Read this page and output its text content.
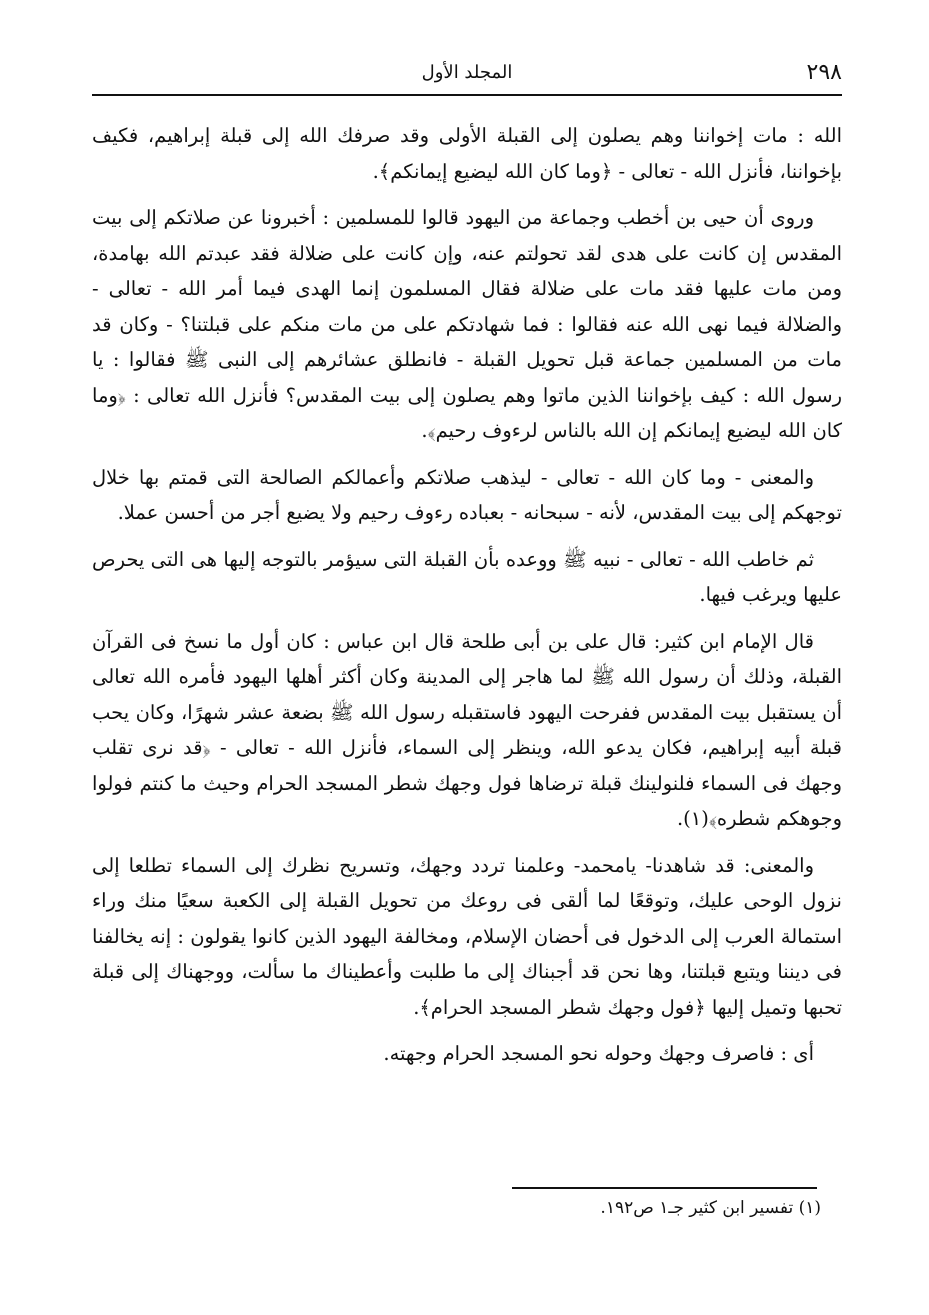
٢٩٨
المجلد الأول

الله : مات إخواننا وهم يصلون إلى القبلة الأولى وقد صرفك الله إلى قبلة إبراهيم، فكيف بإخواننا، فأنزل الله - تعالى - ﴿وما كان الله ليضيع إيمانكم﴾.

وروى أن حيى بن أخطب وجماعة من اليهود قالوا للمسلمين : أخبرونا عن صلاتكم إلى بيت المقدس إن كانت على هدى لقد تحولتم عنه، وإن كانت على ضلالة فقد عبدتم الله بهامدة، ومن مات عليها فقد مات على ضلالة فقال المسلمون إنما الهدى فيما أمر الله - تعالى - والضلالة فيما نهى الله عنه فقالوا : فما شهادتكم على من مات منكم على قبلتنا؟ - وكان قد مات من المسلمين جماعة قبل تحويل القبلة - فانطلق عشائرهم إلى النبى ﷺ فقالوا : يا رسول الله : كيف بإخواننا الذين ماتوا وهم يصلون إلى بيت المقدس؟ فأنزل الله تعالى : ﴿وما كان الله ليضيع إيمانكم إن الله بالناس لرءوف رحيم﴾.

والمعنى - وما كان الله - تعالى - ليذهب صلاتكم وأعمالكم الصالحة التى قمتم بها خلال توجهكم إلى بيت المقدس، لأنه - سبحانه - بعباده رءوف رحيم ولا يضيع أجر من أحسن عملا.

ثم خاطب الله - تعالى - نبيه ﷺ ووعده بأن القبلة التى سيؤمر بالتوجه إليها هى التى يحرص عليها ويرغب فيها.

قال الإمام ابن كثير: قال على بن أبى طلحة قال ابن عباس : كان أول ما نسخ فى القرآن القبلة، وذلك أن رسول الله ﷺ لما هاجر إلى المدينة وكان أكثر أهلها اليهود فأمره الله تعالى أن يستقبل بيت المقدس ففرحت اليهود فاستقبله رسول الله ﷺ بضعة عشر شهرًا، وكان يحب قبلة أبيه إبراهيم، فكان يدعو الله، وينظر إلى السماء، فأنزل الله - تعالى - ﴿قد نرى تقلب وجهك فى السماء فلنولينك قبلة ترضاها فول وجهك شطر المسجد الحرام وحيث ما كنتم فولوا وجوهكم شطره﴾(١).

والمعنى: قد شاهدنا- يامحمد- وعلمنا تردد وجهك، وتسريح نظرك إلى السماء تطلعا إلى نزول الوحى عليك، وتوقعًا لما ألقى فى روعك من تحويل القبلة إلى الكعبة سعيًا منك وراء استمالة العرب إلى الدخول فى أحضان الإسلام، ومخالفة اليهود الذين كانوا يقولون : إنه يخالفنا فى ديننا ويتبع قبلتنا، وها نحن قد أجبناك إلى ما طلبت وأعطيناك ما سألت، ووجهناك إلى قبلة تحبها وتميل إليها ﴿فول وجهك شطر المسجد الحرام﴾.

أى : فاصرف وجهك وحوله نحو المسجد الحرام وجهته.

(١) تفسير ابن كثير جـ١ ص١٩٢.
